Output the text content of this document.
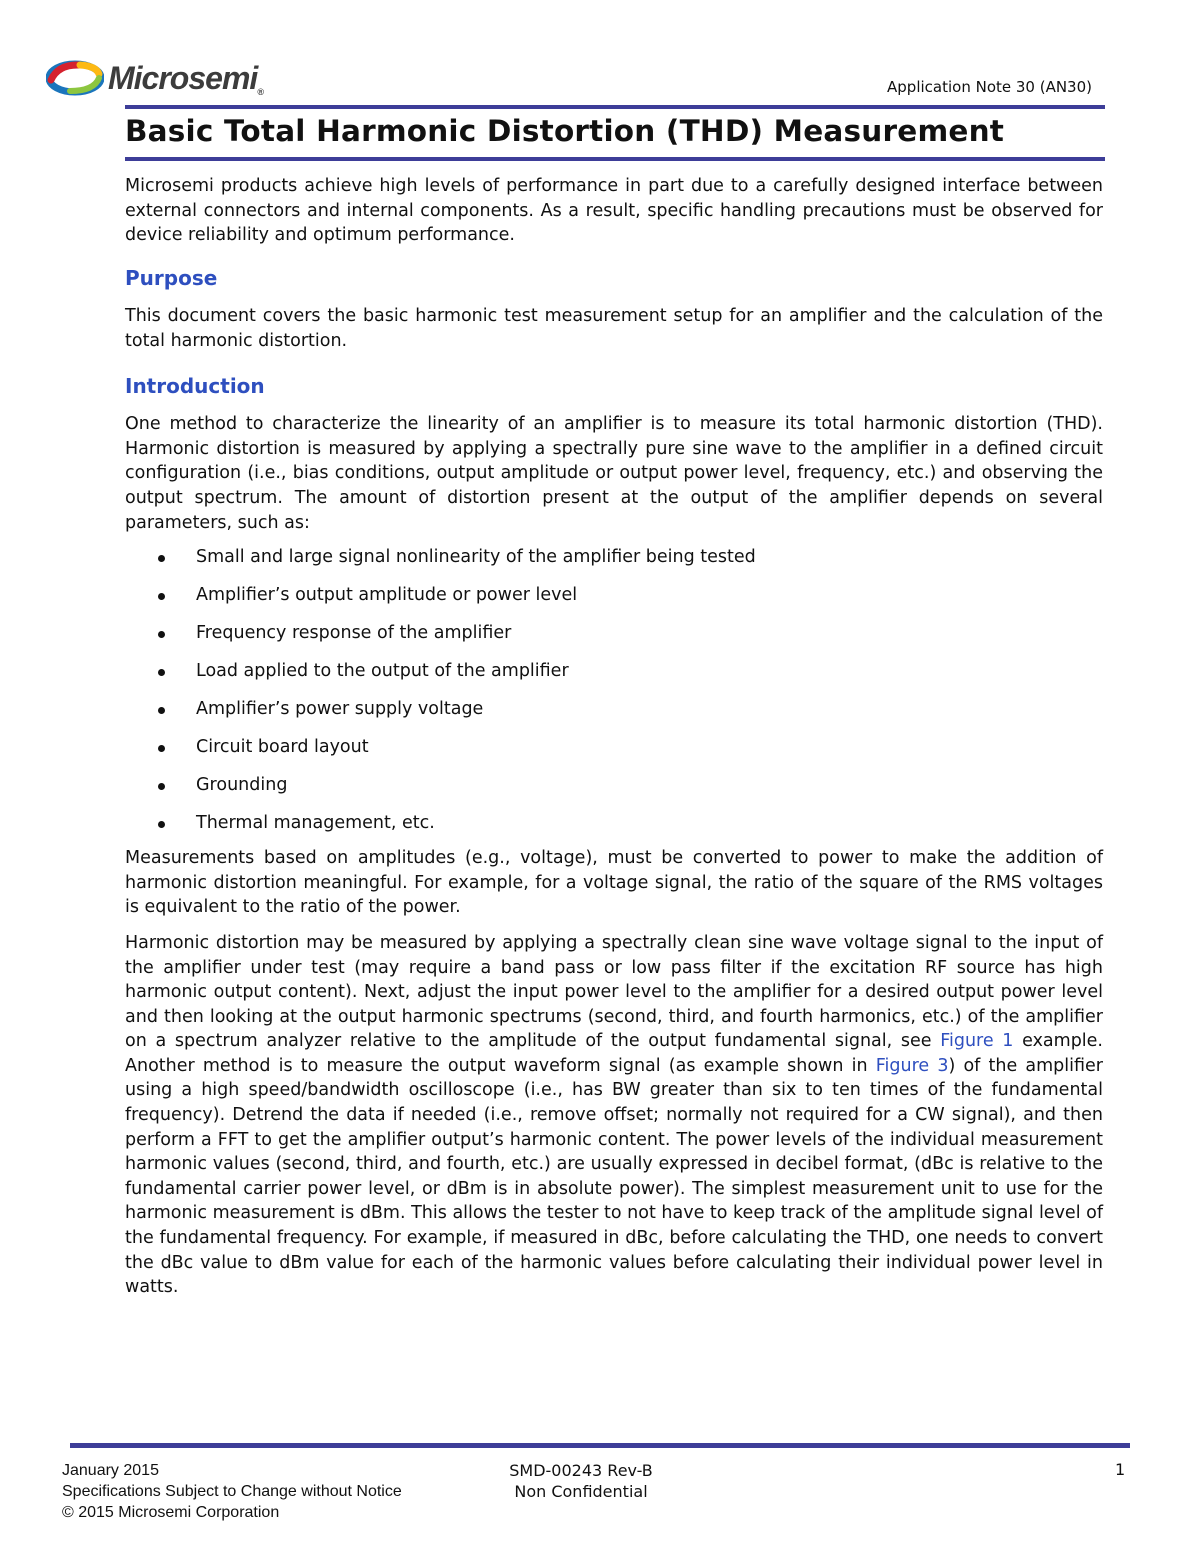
Microsemi®	Application Note 30 (AN30)
Basic Total Harmonic Distortion (THD) Measurement

Microsemi products achieve high levels of performance in part due to a carefully designed interface between external connectors and internal components. As a result, specific handling precautions must be observed for device reliability and optimum performance.

Purpose

This document covers the basic harmonic test measurement setup for an amplifier and the calculation of the total harmonic distortion.

Introduction

One method to characterize the linearity of an amplifier is to measure its total harmonic distortion (THD). Harmonic distortion is measured by applying a spectrally pure sine wave to the amplifier in a defined circuit configuration (i.e., bias conditions, output amplitude or output power level, frequency, etc.) and observing the output spectrum. The amount of distortion present at the output of the amplifier depends on several parameters, such as:

Small and large signal nonlinearity of the amplifier being tested
Amplifier’s output amplitude or power level
Frequency response of the amplifier
Load applied to the output of the amplifier
Amplifier’s power supply voltage
Circuit board layout
Grounding
Thermal management, etc.

Measurements based on amplitudes (e.g., voltage), must be converted to power to make the addition of harmonic distortion meaningful. For example, for a voltage signal, the ratio of the square of the RMS voltages is equivalent to the ratio of the power.

Harmonic distortion may be measured by applying a spectrally clean sine wave voltage signal to the input of the amplifier under test (may require a band pass or low pass filter if the excitation RF source has high harmonic output content). Next, adjust the input power level to the amplifier for a desired output power level and then looking at the output harmonic spectrums (second, third, and fourth harmonics, etc.) of the amplifier on a spectrum analyzer relative to the amplitude of the output fundamental signal, see Figure 1 example. Another method is to measure the output waveform signal (as example shown in Figure 3) of the amplifier using a high speed/bandwidth oscilloscope (i.e., has BW greater than six to ten times of the fundamental frequency). Detrend the data if needed (i.e., remove offset; normally not required for a CW signal), and then perform a FFT to get the amplifier output’s harmonic content. The power levels of the individual measurement harmonic values (second, third, and fourth, etc.) are usually expressed in decibel format, (dBc is relative to the fundamental carrier power level, or dBm is in absolute power). The simplest measurement unit to use for the harmonic measurement is dBm. This allows the tester to not have to keep track of the amplitude signal level of the fundamental frequency. For example, if measured in dBc, before calculating the THD, one needs to convert the dBc value to dBm value for each of the harmonic values before calculating their individual power level in watts.

January 2015
Specifications Subject to Change without Notice
© 2015 Microsemi Corporation
SMD-00243 Rev-B
Non Confidential
1
